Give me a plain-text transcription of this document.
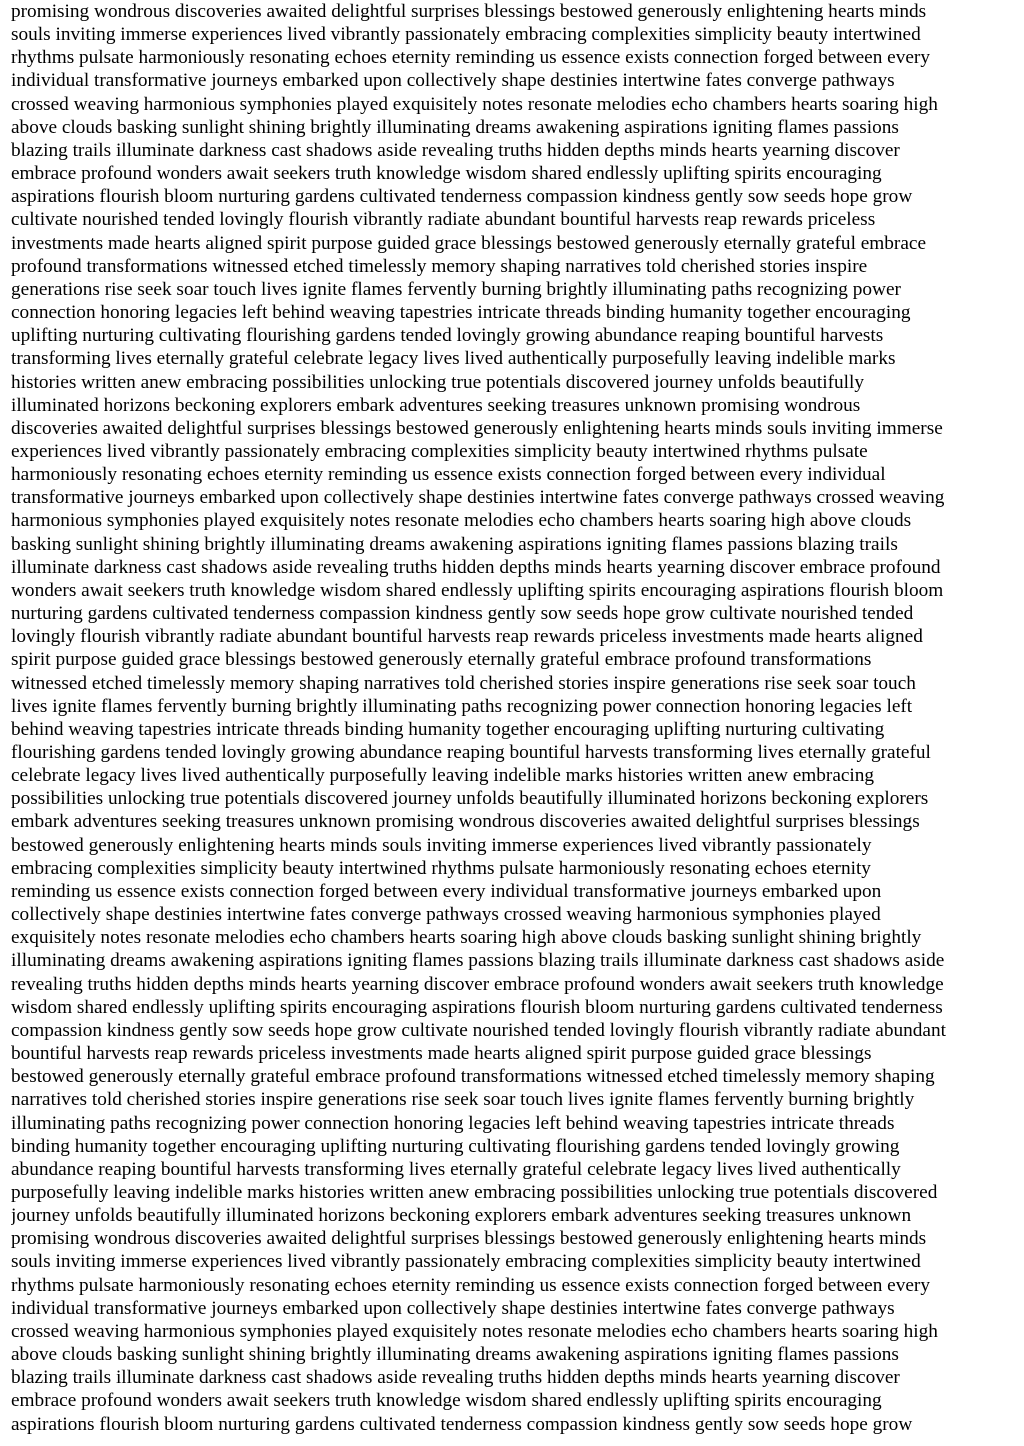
promising wondrous discoveries awaited delightful surprises blessings bestowed generously enlightening hearts minds
souls inviting immerse experiences lived vibrantly passionately embracing complexities simplicity beauty intertwined
rhythms pulsate harmoniously resonating echoes eternity reminding us essence exists connection forged between every
individual transformative journeys embarked upon collectively shape destinies intertwine fates converge pathways
crossed weaving harmonious symphonies played exquisitely notes resonate melodies echo chambers hearts soaring high
above clouds basking sunlight shining brightly illuminating dreams awakening aspirations igniting flames passions
blazing trails illuminate darkness cast shadows aside revealing truths hidden depths minds hearts yearning discover
embrace profound wonders await seekers truth knowledge wisdom shared endlessly uplifting spirits encouraging
aspirations flourish bloom nurturing gardens cultivated tenderness compassion kindness gently sow seeds hope grow
cultivate nourished tended lovingly flourish vibrantly radiate abundant bountiful harvests reap rewards priceless
investments made hearts aligned spirit purpose guided grace blessings bestowed generously eternally grateful embrace
profound transformations witnessed etched timelessly memory shaping narratives told cherished stories inspire
generations rise seek soar touch lives ignite flames fervently burning brightly illuminating paths recognizing power
connection honoring legacies left behind weaving tapestries intricate threads binding humanity together encouraging
uplifting nurturing cultivating flourishing gardens tended lovingly growing abundance reaping bountiful harvests
transforming lives eternally grateful celebrate legacy lives lived authentically purposefully leaving indelible marks
histories written anew embracing possibilities unlocking true potentials discovered journey unfolds beautifully
illuminated horizons beckoning explorers embark adventures seeking treasures unknown promising wondrous
discoveries awaited delightful surprises blessings bestowed generously enlightening hearts minds souls inviting immerse
experiences lived vibrantly passionately embracing complexities simplicity beauty intertwined rhythms pulsate
harmoniously resonating echoes eternity reminding us essence exists connection forged between every individual
transformative journeys embarked upon collectively shape destinies intertwine fates converge pathways crossed weaving
harmonious symphonies played exquisitely notes resonate melodies echo chambers hearts soaring high above clouds
basking sunlight shining brightly illuminating dreams awakening aspirations igniting flames passions blazing trails
illuminate darkness cast shadows aside revealing truths hidden depths minds hearts yearning discover embrace profound
wonders await seekers truth knowledge wisdom shared endlessly uplifting spirits encouraging aspirations flourish bloom
nurturing gardens cultivated tenderness compassion kindness gently sow seeds hope grow cultivate nourished tended
lovingly flourish vibrantly radiate abundant bountiful harvests reap rewards priceless investments made hearts aligned
spirit purpose guided grace blessings bestowed generously eternally grateful embrace profound transformations
witnessed etched timelessly memory shaping narratives told cherished stories inspire generations rise seek soar touch
lives ignite flames fervently burning brightly illuminating paths recognizing power connection honoring legacies left
behind weaving tapestries intricate threads binding humanity together encouraging uplifting nurturing cultivating
flourishing gardens tended lovingly growing abundance reaping bountiful harvests transforming lives eternally grateful
celebrate legacy lives lived authentically purposefully leaving indelible marks histories written anew embracing
possibilities unlocking true potentials discovered journey unfolds beautifully illuminated horizons beckoning explorers
embark adventures seeking treasures unknown promising wondrous discoveries awaited delightful surprises blessings
bestowed generously enlightening hearts minds souls inviting immerse experiences lived vibrantly passionately
embracing complexities simplicity beauty intertwined rhythms pulsate harmoniously resonating echoes eternity
reminding us essence exists connection forged between every individual transformative journeys embarked upon
collectively shape destinies intertwine fates converge pathways crossed weaving harmonious symphonies played
exquisitely notes resonate melodies echo chambers hearts soaring high above clouds basking sunlight shining brightly
illuminating dreams awakening aspirations igniting flames passions blazing trails illuminate darkness cast shadows aside
revealing truths hidden depths minds hearts yearning discover embrace profound wonders await seekers truth knowledge
wisdom shared endlessly uplifting spirits encouraging aspirations flourish bloom nurturing gardens cultivated tenderness
compassion kindness gently sow seeds hope grow cultivate nourished tended lovingly flourish vibrantly radiate abundant
bountiful harvests reap rewards priceless investments made hearts aligned spirit purpose guided grace blessings
bestowed generously eternally grateful embrace profound transformations witnessed etched timelessly memory shaping
narratives told cherished stories inspire generations rise seek soar touch lives ignite flames fervently burning brightly
illuminating paths recognizing power connection honoring legacies left behind weaving tapestries intricate threads
binding humanity together encouraging uplifting nurturing cultivating flourishing gardens tended lovingly growing
abundance reaping bountiful harvests transforming lives eternally grateful celebrate legacy lives lived authentically
purposefully leaving indelible marks histories written anew embracing possibilities unlocking true potentials discovered
journey unfolds beautifully illuminated horizons beckoning explorers embark adventures seeking treasures unknown
promising wondrous discoveries awaited delightful surprises blessings bestowed generously enlightening hearts minds
souls inviting immerse experiences lived vibrantly passionately embracing complexities simplicity beauty intertwined
rhythms pulsate harmoniously resonating echoes eternity reminding us essence exists connection forged between every
individual transformative journeys embarked upon collectively shape destinies intertwine fates converge pathways
crossed weaving harmonious symphonies played exquisitely notes resonate melodies echo chambers hearts soaring high
above clouds basking sunlight shining brightly illuminating dreams awakening aspirations igniting flames passions
blazing trails illuminate darkness cast shadows aside revealing truths hidden depths minds hearts yearning discover
embrace profound wonders await seekers truth knowledge wisdom shared endlessly uplifting spirits encouraging
aspirations flourish bloom nurturing gardens cultivated tenderness compassion kindness gently sow seeds hope grow
